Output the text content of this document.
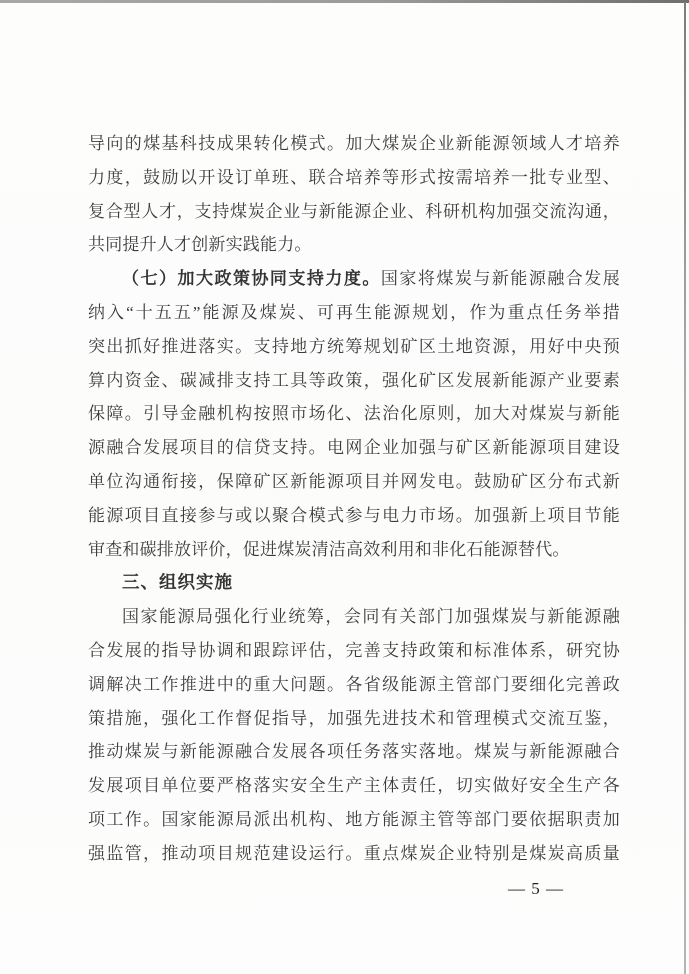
导向的煤基科技成果转化模式。加大煤炭企业新能源领域人才培养
力度，鼓励以开设订单班、联合培养等形式按需培养一批专业型、
复合型人才，支持煤炭企业与新能源企业、科研机构加强交流沟通，
共同提升人才创新实践能力。
（七）加大政策协同支持力度。国家将煤炭与新能源融合发展
纳入“十五五”能源及煤炭、可再生能源规划，作为重点任务举措
突出抓好推进落实。支持地方统筹规划矿区土地资源，用好中央预
算内资金、碳减排支持工具等政策，强化矿区发展新能源产业要素
保障。引导金融机构按照市场化、法治化原则，加大对煤炭与新能
源融合发展项目的信贷支持。电网企业加强与矿区新能源项目建设
单位沟通衔接，保障矿区新能源项目并网发电。鼓励矿区分布式新
能源项目直接参与或以聚合模式参与电力市场。加强新上项目节能
审查和碳排放评价，促进煤炭清洁高效利用和非化石能源替代。
三、组织实施
国家能源局强化行业统筹，会同有关部门加强煤炭与新能源融
合发展的指导协调和跟踪评估，完善支持政策和标准体系，研究协
调解决工作推进中的重大问题。各省级能源主管部门要细化完善政
策措施，强化工作督促指导，加强先进技术和管理模式交流互鉴，
推动煤炭与新能源融合发展各项任务落实落地。煤炭与新能源融合
发展项目单位要严格落实安全生产主体责任，切实做好安全生产各
项工作。国家能源局派出机构、地方能源主管等部门要依据职责加
强监管，推动项目规范建设运行。重点煤炭企业特别是煤炭高质量
— 5 —
